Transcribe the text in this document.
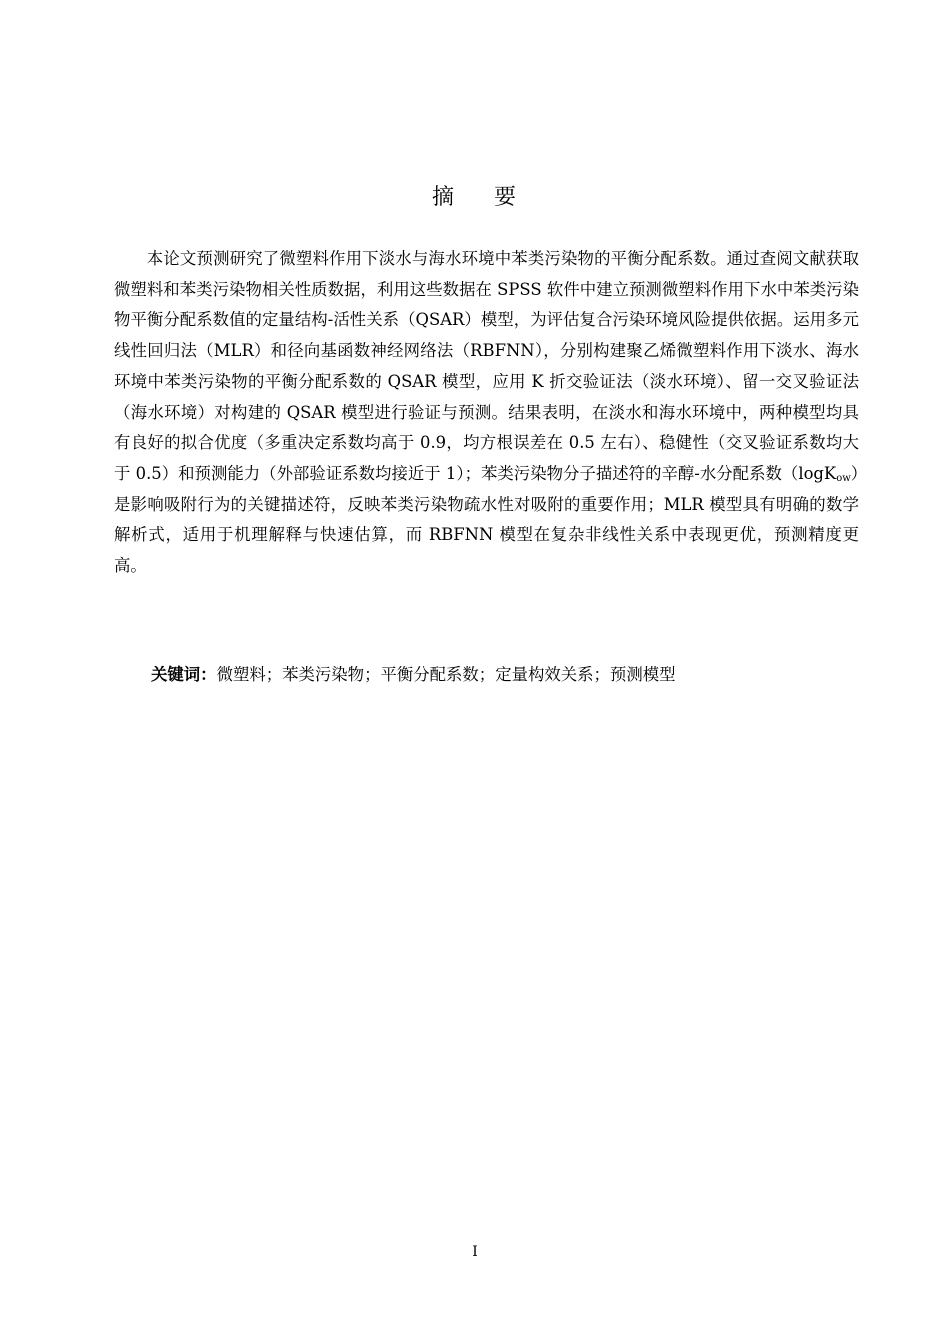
摘 要

本论文预测研究了微塑料作用下淡水与海水环境中苯类污染物的平衡分配系数。通过查阅文献获取微塑料和苯类污染物相关性质数据，利用这些数据在 SPSS 软件中建立预测微塑料作用下水中苯类污染物平衡分配系数值的定量结构-活性关系（QSAR）模型，为评估复合污染环境风险提供依据。运用多元线性回归法（MLR）和径向基函数神经网络法（RBFNN），分别构建聚乙烯微塑料作用下淡水、海水环境中苯类污染物的平衡分配系数的 QSAR 模型，应用 K 折交验证法（淡水环境）、留一交叉验证法（海水环境）对构建的 QSAR 模型进行验证与预测。结果表明，在淡水和海水环境中，两种模型均具有良好的拟合优度（多重决定系数均高于 0.9，均方根误差在 0.5 左右）、稳健性（交叉验证系数均大于 0.5）和预测能力（外部验证系数均接近于 1）；苯类污染物分子描述符的辛醇-水分配系数（logK$_{ow}$）是影响吸附行为的关键描述符，反映苯类污染物疏水性对吸附的重要作用；MLR 模型具有明确的数学解析式，适用于机理解释与快速估算，而 RBFNN 模型在复杂非线性关系中表现更优，预测精度更高。

关键词：微塑料；苯类污染物；平衡分配系数；定量构效关系；预测模型
I
